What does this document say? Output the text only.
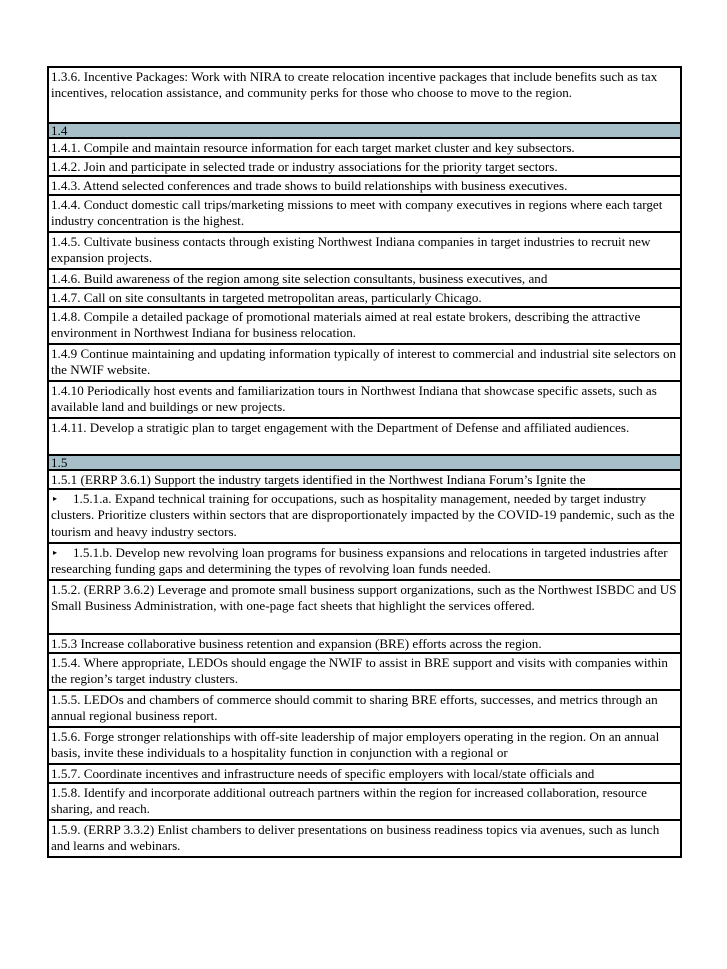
1.3.6. Incentive Packages: Work with NIRA to create relocation incentive packages that include benefits such as tax incentives, relocation assistance, and community perks for those who choose to move to the region.
1.4
1.4.1. Compile and maintain resource information for each target market cluster and key subsectors.
1.4.2. Join and participate in selected trade or industry associations for the priority target sectors.
1.4.3. Attend selected conferences and trade shows to build relationships with business executives.
1.4.4. Conduct domestic call trips/marketing missions to meet with company executives in regions where each target industry concentration is the highest.
1.4.5. Cultivate business contacts through existing Northwest Indiana companies in target industries to recruit new expansion projects.
1.4.6. Build awareness of the region among site selection consultants, business executives, and
1.4.7. Call on site consultants in targeted metropolitan areas, particularly Chicago.
1.4.8. Compile a detailed package of promotional materials aimed at real estate brokers, describing the attractive environment in Northwest Indiana for business relocation.
1.4.9 Continue maintaining and updating information typically of interest to commercial and industrial site selectors on the NWIF website.
1.4.10 Periodically host events and familiarization tours in Northwest Indiana that showcase specific assets, such as available land and buildings or new projects.
1.4.11. Develop a stratigic plan to target engagement with the Department of Defense and affiliated audiences.
1.5
1.5.1 (ERRP 3.6.1) Support the industry targets identified in the Northwest Indiana Forum’s Ignite the
▸ 1.5.1.a. Expand technical training for occupations, such as hospitality management, needed by target industry clusters. Prioritize clusters within sectors that are disproportionately impacted by the COVID-19 pandemic, such as the tourism and heavy industry sectors.
▸ 1.5.1.b. Develop new revolving loan programs for business expansions and relocations in targeted industries after researching funding gaps and determining the types of revolving loan funds needed.
1.5.2. (ERRP 3.6.2) Leverage and promote small business support organizations, such as the Northwest ISBDC and US Small Business Administration, with one-page fact sheets that highlight the services offered.
1.5.3 Increase collaborative business retention and expansion (BRE) efforts across the region.
1.5.4. Where appropriate, LEDOs should engage the NWIF to assist in BRE support and visits with companies within the region’s target industry clusters.
1.5.5. LEDOs and chambers of commerce should commit to sharing BRE efforts, successes, and metrics through an annual regional business report.
1.5.6. Forge stronger relationships with off-site leadership of major employers operating in the region. On an annual basis, invite these individuals to a hospitality function in conjunction with a regional or
1.5.7. Coordinate incentives and infrastructure needs of specific employers with local/state officials and
1.5.8. Identify and incorporate additional outreach partners within the region for increased collaboration, resource sharing, and reach.
1.5.9. (ERRP 3.3.2) Enlist chambers to deliver presentations on business readiness topics via avenues, such as lunch and learns and webinars.
